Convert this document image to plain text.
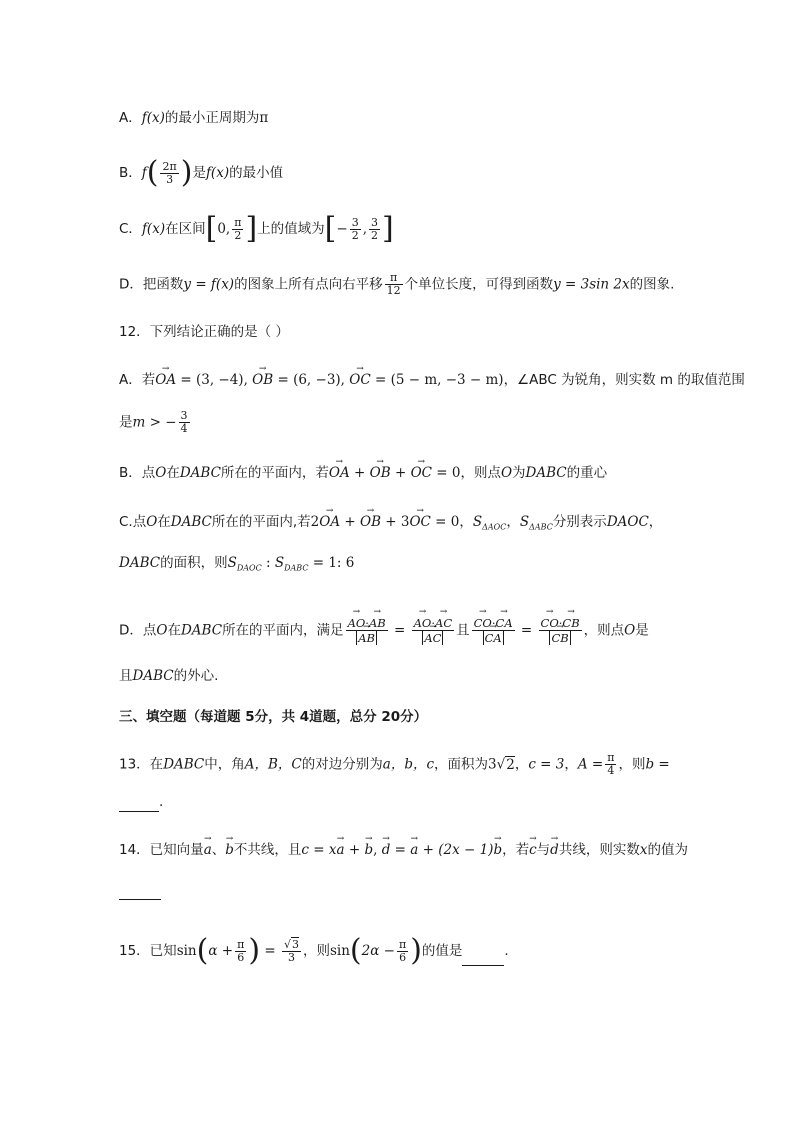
A．f(x)的最小正周期为π
B．$f( \frac{2\pi}{3}$ )是f(x)的最小值
C．f(x)在区间[0, $\frac{\pi}{2}$ ]上的值域为[− $\frac{3}{2}$ , $\frac{3}{2}$ ]
D．把函数y = f(x)的图象上所有点向右平移 $\frac{\pi}{12}$ 个单位长度，可得到函数y = 3sin 2x的图象.
12．下列结论正确的是（ ）
A．若→ OA = (3, −4), → OB = (6, −3), → OC = (5 − m, −3 − m)，∠ABC 为锐角，则实数 m 的取值范围
是m > − $\frac{3}{4}$
B．点O在DABC所在的平面内，若→ OA + → OB + → OC = 0，则点O为DABC的重心
C.点O在DABC所在的平面内,若2→ OA + → OB + 3→ OC = 0，$S_{\Delta AOC}$，$S_{\Delta ABC}$分别表示DAOC，
DABC的面积，则$S_{DAOC}$ : $S_{DABC} = 1$: 6
D．点O在DABC所在的平面内，满足 → AO·→ AB
→ AB = → AO·→ AC
→ AC 且 → CO·→ CA
→ CA = → CO·→ CB
→ CB ，则点O是
且DABC的外心.
三、填空题（每道题 5分，共 4道题，总分 20分）
13．在DABC中，角A，B，C的对边分别为a，b，c，面积为3√2，c = 3，$A = \frac{\pi}{4}$ ，则b =
.
14．已知向量→ a、→ b不共线，且c = x→ a + → b, → d = → a + (2x − 1)→ b，若→ c与→ d共线，则实数x的值为
15．已知$\sin(\alpha + \frac{\pi}{6}$ ) = $\frac{√3}{3}$ ，则$\sin(2\alpha - \frac{\pi}{6}$ )的值是	.
